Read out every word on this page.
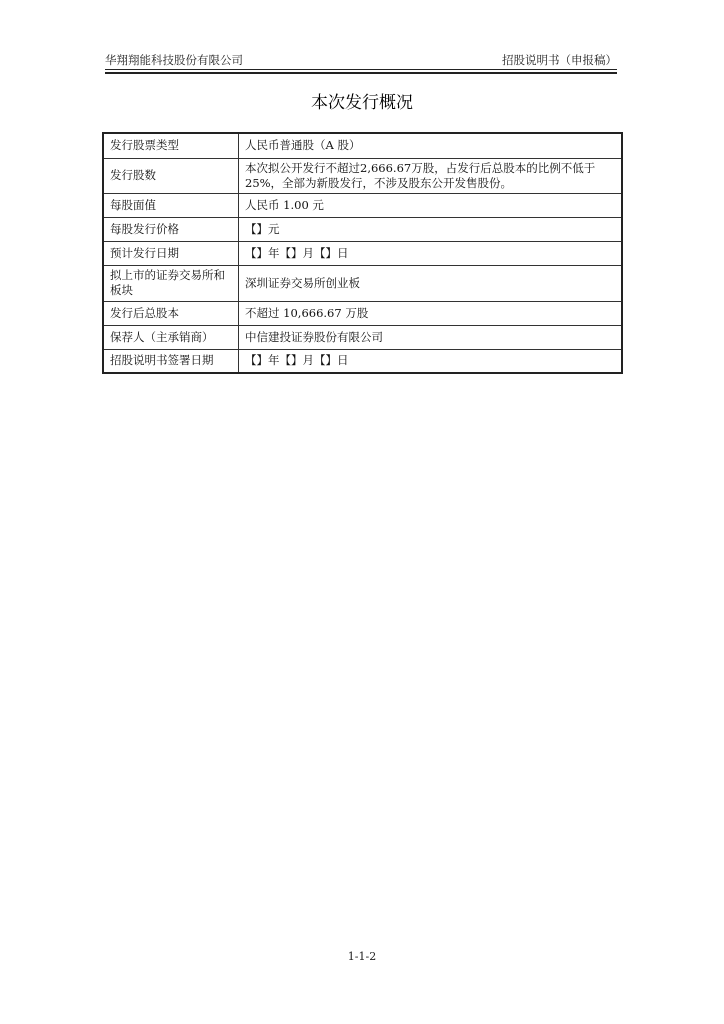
华翔翔能科技股份有限公司	招股说明书（申报稿）
本次发行概况
发行股票类型	人民币普通股（A 股）
发行股数	本次拟公开发行不超过2,666.67万股，占发行后总股本的比例不低于25%，全部为新股发行，不涉及股东公开发售股份。
每股面值	人民币 1.00 元
每股发行价格	【】元
预计发行日期	【】年【】月【】日
拟上市的证券交易所和板块	深圳证券交易所创业板
发行后总股本	不超过 10,666.67 万股
保荐人（主承销商）	中信建投证券股份有限公司
招股说明书签署日期	【】年【】月【】日
1-1-2
